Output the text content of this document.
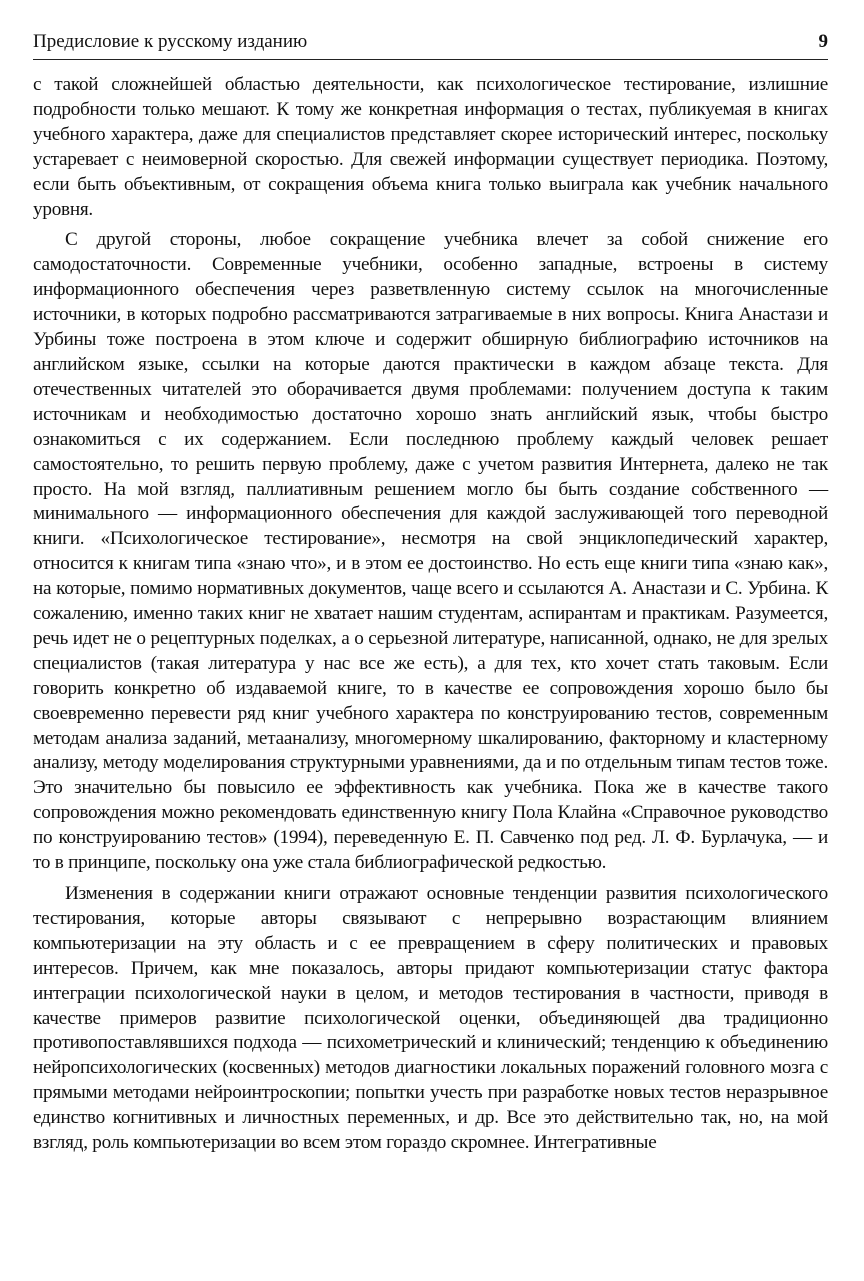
Предисловие к русскому изданию	9

с такой сложнейшей областью деятельности, как психологическое тестирование, излишние подробности только мешают. К тому же конкретная информация о тестах, публикуемая в книгах учебного характера, даже для специалистов представляет скорее исторический интерес, поскольку устаревает с неимоверной скоростью. Для свежей информации существует периодика. Поэтому, если быть объективным, от сокращения объема книга только выиграла как учебник начального уровня.

С другой стороны, любое сокращение учебника влечет за собой снижение его самодостаточности. Современные учебники, особенно западные, встроены в систему информационного обеспечения через разветвленную систему ссылок на многочисленные источники, в которых подробно рассматриваются затрагиваемые в них вопросы. Книга Анастази и Урбины тоже построена в этом ключе и содержит обширную библиографию источников на английском языке, ссылки на которые даются практически в каждом абзаце текста. Для отечественных читателей это оборачивается двумя проблемами: получением доступа к таким источникам и необходимостью достаточно хорошо знать английский язык, чтобы быстро ознакомиться с их содержанием. Если последнюю проблему каждый человек решает самостоятельно, то решить первую проблему, даже с учетом развития Интернета, далеко не так просто. На мой взгляд, паллиативным решением могло бы быть создание собственного — минимального — информационного обеспечения для каждой заслуживающей того переводной книги. «Психологическое тестирование», несмотря на свой энциклопедический характер, относится к книгам типа «знаю что», и в этом ее достоинство. Но есть еще книги типа «знаю как», на которые, помимо нормативных документов, чаще всего и ссылаются А. Анастази и С. Урбина. К сожалению, именно таких книг не хватает нашим студентам, аспирантам и практикам. Разумеется, речь идет не о рецептурных поделках, а о серьезной литературе, написанной, однако, не для зрелых специалистов (такая литература у нас все же есть), а для тех, кто хочет стать таковым. Если говорить конкретно об издаваемой книге, то в качестве ее сопровождения хорошо было бы своевременно перевести ряд книг учебного характера по конструированию тестов, современным методам анализа заданий, метаанализу, многомерному шкалированию, факторному и кластерному анализу, методу моделирования структурными уравнениями, да и по отдельным типам тестов тоже. Это значительно бы повысило ее эффективность как учебника. Пока же в качестве такого сопровождения можно рекомендовать единственную книгу Пола Клайна «Справочное руководство по конструированию тестов» (1994), переведенную Е. П. Савченко под ред. Л. Ф. Бурлачука, — и то в принципе, поскольку она уже стала библиографической редкостью.

Изменения в содержании книги отражают основные тенденции развития психологического тестирования, которые авторы связывают с непрерывно возрастающим влиянием компьютеризации на эту область и с ее превращением в сферу политических и правовых интересов. Причем, как мне показалось, авторы придают компьютеризации статус фактора интеграции психологической науки в целом, и методов тестирования в частности, приводя в качестве примеров развитие психологической оценки, объединяющей два традиционно противопоставлявшихся подхода — психометрический и клинический; тенденцию к объединению нейропсихологических (косвенных) методов диагностики локальных поражений головного мозга с прямыми методами нейроинтроскопии; попытки учесть при разработке новых тестов неразрывное единство когнитивных и личностных переменных, и др. Все это действительно так, но, на мой взгляд, роль компьютеризации во всем этом гораздо скромнее. Интегративные
